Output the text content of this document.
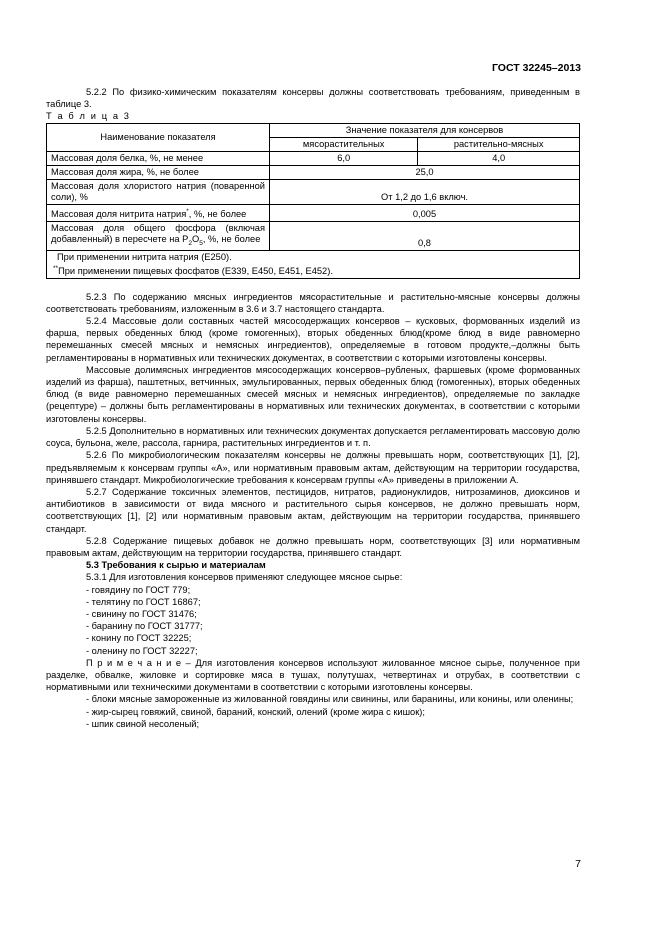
ГОСТ 32245–2013

5.2.2 По физико-химическим показателям консервы должны соответствовать требованиям, приведенным в таблице 3.

Т а б л и ц а 3

Наименование показателя	Значение показателя для консервов	
	мясорастительных	растительно-мясных
Массовая доля белка, %, не менее	6,0	4,0
Массовая доля жира, %, не более	25,0	
Массовая доля хлористого натрия (поваренной соли), %	От 1,2 до 1,6 включ.	
Массовая доля нитрита натрия*, %, не более	0,005	
Массовая доля общего фосфора (включая добавленный) в пересчете на $P_2O_5$, %, не более	0,8	

При применении нитрита натрия (Е250).
**При применении пищевых фосфатов (Е339, Е450, Е451, Е452).		

5.2.3 По содержанию мясных ингредиентов мясорастительные и растительно-мясные консервы должны соответствовать требованиям, изложенным в 3.6 и 3.7 настоящего стандарта.

5.2.4 Массовые доли составных частей мясосодержащих консервов – кусковых, формованных изделий из фарша, первых обеденных блюд (кроме гомогенных), вторых обеденных блюд(кроме блюд в виде равномерно перемешанных смесей мясных и немясных ингредиентов), определяемые в готовом продукте,–должны быть регламентированы в нормативных или технических документах, в соответствии с которыми изготовлены консервы.

Массовые долимясных ингредиентов мясосодержащих консервов–рубленых, фаршевых (кроме формованных изделий из фарша), паштетных, ветчинных, эмульгированных, первых обеденных блюд (гомогенных), вторых обеденных блюд (в виде равномерно перемешанных смесей мясных и немясных ингредиентов), определяемые по закладке (рецептуре) – должны быть регламентированы в нормативных или технических документах, в соответствии с которыми изготовлены консервы.

5.2.5 Дополнительно в нормативных или технических документах допускается регламентировать массовую долю соуса, бульона, желе, рассола, гарнира, растительных ингредиентов и т. п.

5.2.6 По микробиологическим показателям консервы не должны превышать норм, соответствующих [1], [2], предъявляемым к консервам группы «А», или нормативным правовым актам, действующим на территории государства, принявшего стандарт. Микробиологические требования к консервам группы «А» приведены в приложении А.

5.2.7 Содержание токсичных элементов, пестицидов, нитратов, радионуклидов, нитрозаминов, диоксинов и антибиотиков в зависимости от вида мясного и растительного сырья консервов, не должно превышать норм, соответствующих [1], [2] или нормативным правовым актам, действующим на территории государства, принявшего стандарт.

5.2.8 Содержание пищевых добавок не должно превышать норм, соответствующих [3] или нормативным правовым актам, действующим на территории государства, принявшего стандарт.

5.3 Требования к сырью и материалам

5.3.1 Для изготовления консервов применяют следующее мясное сырье:

- говядину по ГОСТ 779;

- телятину по ГОСТ 16867;

- свинину по ГОСТ 31476;

- баранину по ГОСТ 31777;

- конину по ГОСТ 32225;

- оленину по ГОСТ 32227;

П р и м е ч а н и е – Для изготовления консервов используют жилованное мясное сырье, полученное при разделке, обвалке, жиловке и сортировке мяса в тушах, полутушах, четвертинах и отрубах, в соответствии с нормативными или техническими документами в соответствии с которыми изготовлены консервы.

- блоки мясные замороженные из жилованной говядины или свинины, или баранины, или конины, или оленины;

- жир-сырец говяжий, свиной, бараний, конский, олений (кроме жира с кишок);

- шпик свиной несоленый;

7
